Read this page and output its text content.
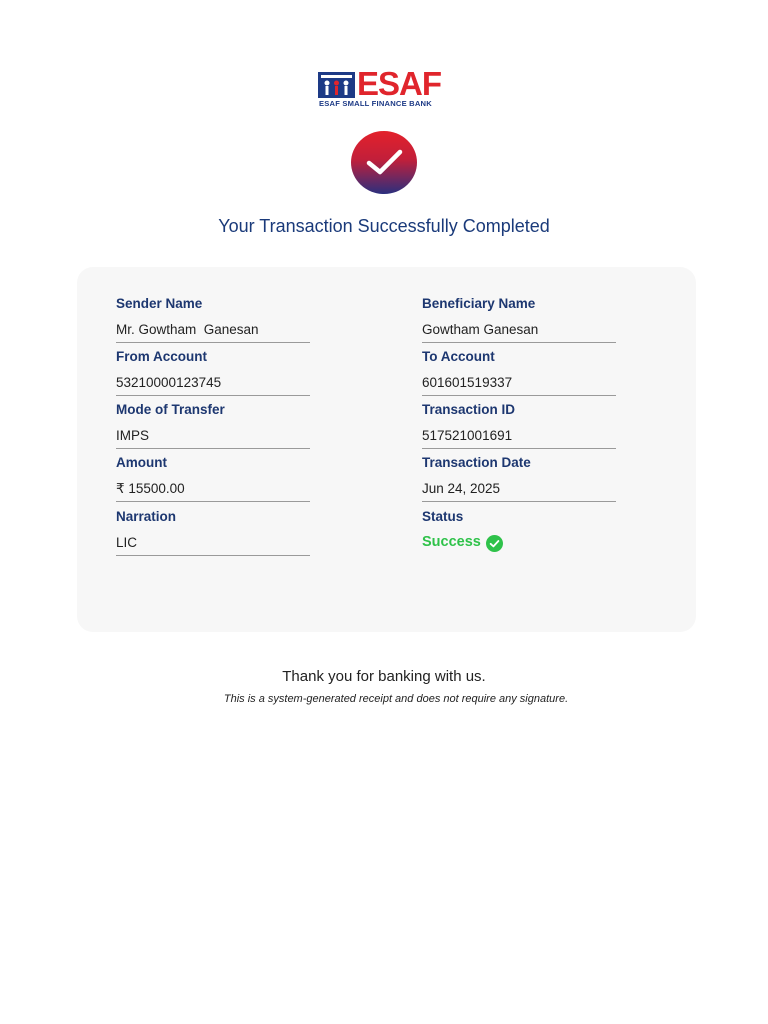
ESAF
ESAF SMALL FINANCE BANK
Your Transaction Successfully Completed
Sender Name
Mr. Gowtham  Ganesan
From Account
53210000123745
Mode of Transfer
IMPS
Amount
₹ 15500.00
Narration
LIC
Beneficiary Name
Gowtham Ganesan
To Account
601601519337
Transaction ID
517521001691
Transaction Date
Jun 24, 2025
Status
Success
Thank you for banking with us.
This is a system-generated receipt and does not require any signature.
